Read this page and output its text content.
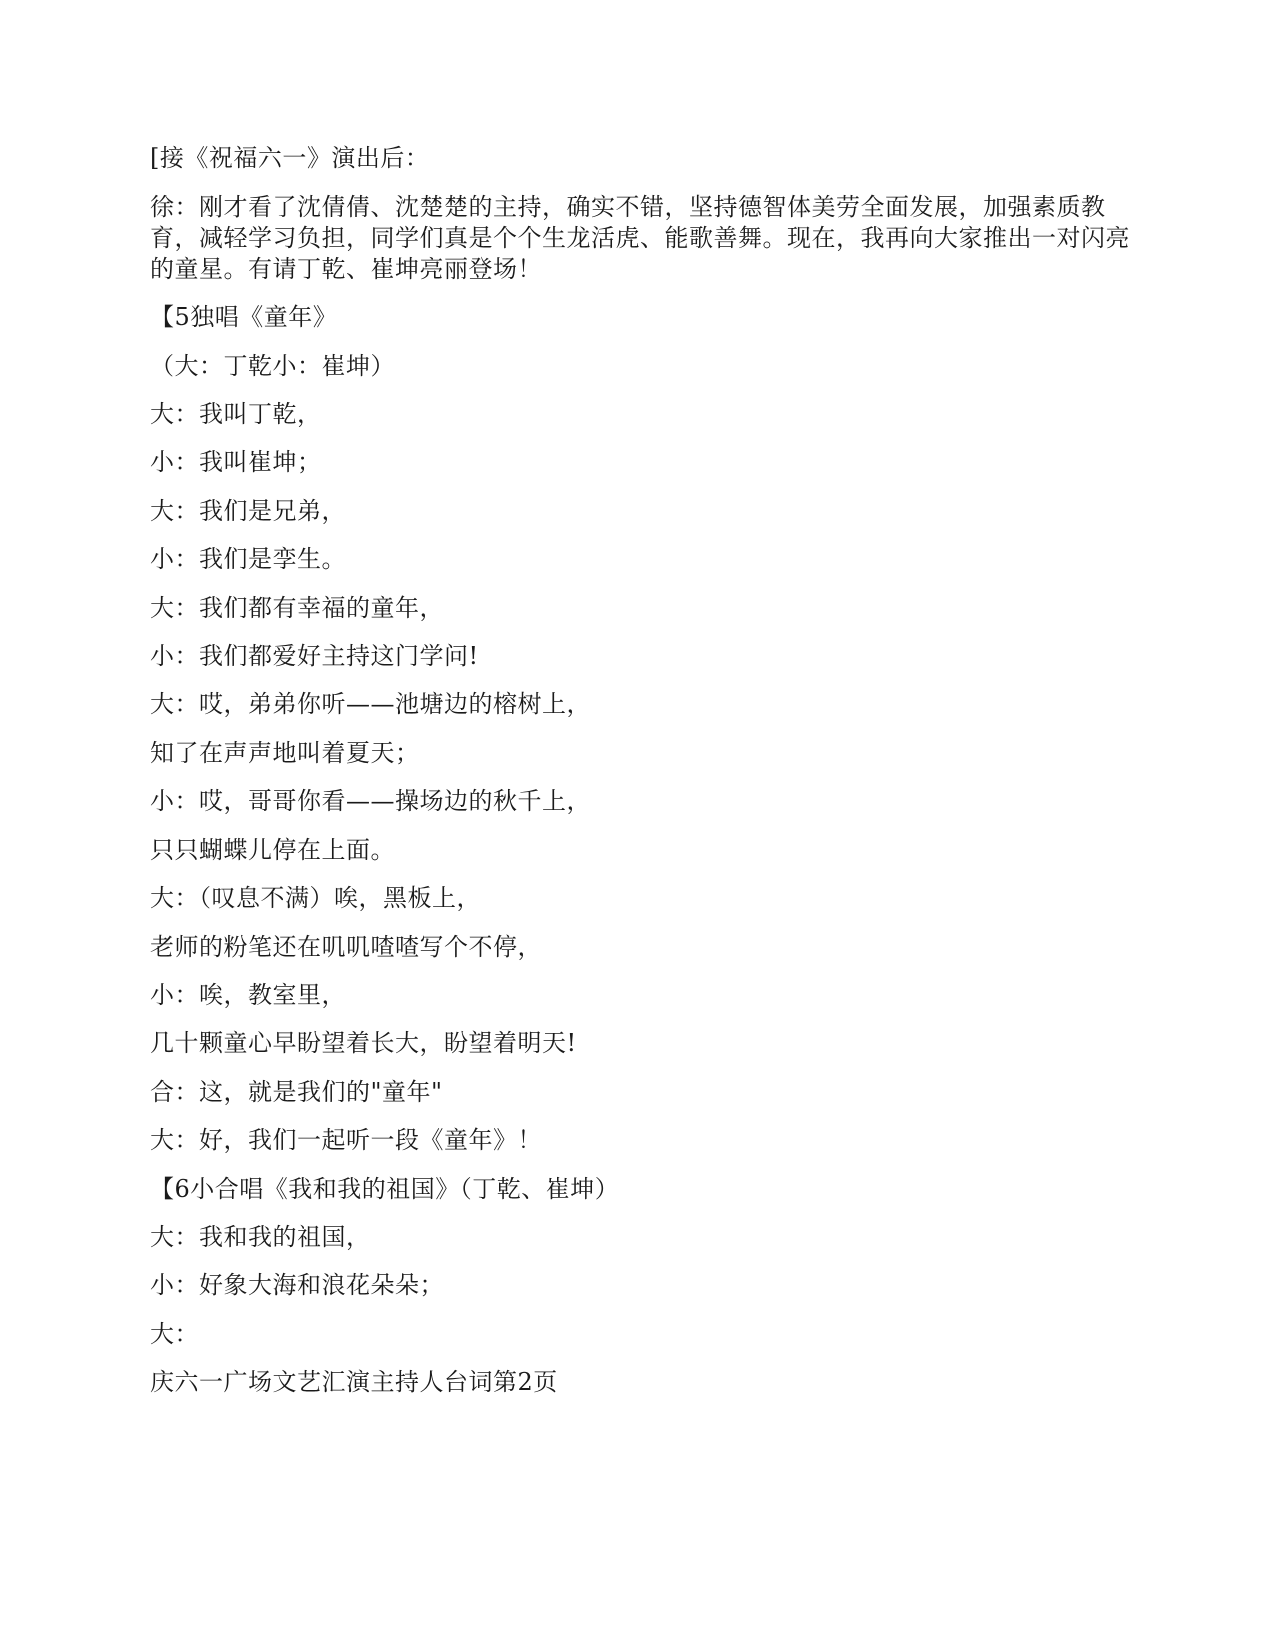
[接《祝福六一》演出后：
徐：刚才看了沈倩倩、沈楚楚的主持，确实不错，坚持德智体美劳全面发展，加强素质教育，减轻学习负担，同学们真是个个生龙活虎、能歌善舞。现在，我再向大家推出一对闪亮的童星。有请丁乾、崔坤亮丽登场！
【5独唱《童年》
（大：丁乾小：崔坤）
大：我叫丁乾，
小：我叫崔坤；
大：我们是兄弟，
小：我们是孪生。
大：我们都有幸福的童年，
小：我们都爱好主持这门学问!
大：哎，弟弟你听——池塘边的榕树上，
知了在声声地叫着夏天；
小：哎，哥哥你看——操场边的秋千上，
只只蝴蝶儿停在上面。
大：（叹息不满）唉，黑板上，
老师的粉笔还在叽叽喳喳写个不停，
小：唉，教室里，
几十颗童心早盼望着长大，盼望着明天!
合：这，就是我们的"童年"
大：好，我们一起听一段《童年》！
【6小合唱《我和我的祖国》（丁乾、崔坤）
大：我和我的祖国，
小：好象大海和浪花朵朵；
大：
庆六一广场文艺汇演主持人台词第2页
